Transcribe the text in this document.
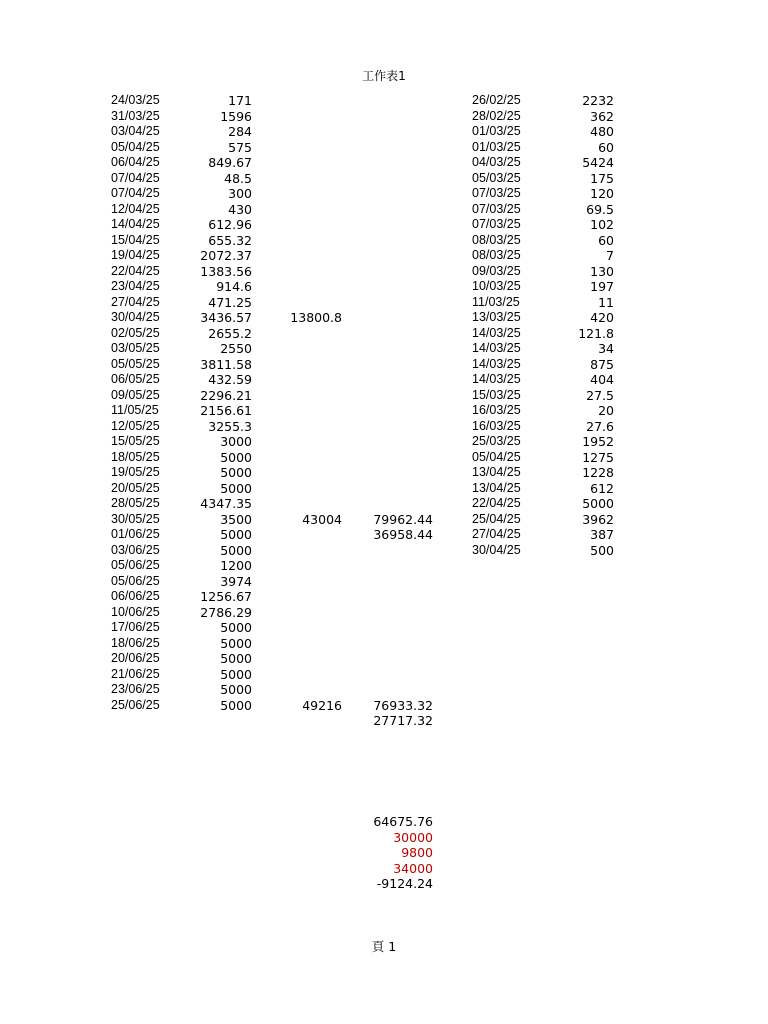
工作表1
24/03/25
31/03/25
03/04/25
05/04/25
06/04/25
07/04/25
07/04/25
12/04/25
14/04/25
15/04/25
19/04/25
22/04/25
23/04/25
27/04/25
30/04/25
02/05/25
03/05/25
05/05/25
06/05/25
09/05/25
11/05/25
12/05/25
15/05/25
18/05/25
19/05/25
20/05/25
28/05/25
30/05/25
01/06/25
03/06/25
05/06/25
05/06/25
06/06/25
10/06/25
17/06/25
18/06/25
20/06/25
21/06/25
23/06/25
25/06/25
171
1596
284
575
849.67
48.5
300
430
612.96
655.32
2072.37
1383.56
914.6
471.25
3436.57
2655.2
2550
3811.58
432.59
2296.21
2156.61
3255.3
3000
5000
5000
5000
4347.35
3500
5000
5000
1200
3974
1256.67
2786.29
5000
5000
5000
5000
5000
5000
13800.8
43004
49216
79962.44
36958.44
76933.32
27717.32
64675.76
30000
9800
34000
-9124.24
26/02/25
28/02/25
01/03/25
01/03/25
04/03/25
05/03/25
07/03/25
07/03/25
07/03/25
08/03/25
08/03/25
09/03/25
10/03/25
11/03/25
13/03/25
14/03/25
14/03/25
14/03/25
14/03/25
15/03/25
16/03/25
16/03/25
25/03/25
05/04/25
13/04/25
13/04/25
22/04/25
25/04/25
27/04/25
30/04/25
2232
362
480
60
5424
175
120
69.5
102
60
7
130
197
11
420
121.8
34
875
404
27.5
20
27.6
1952
1275
1228
612
5000
3962
387
500
頁 1
